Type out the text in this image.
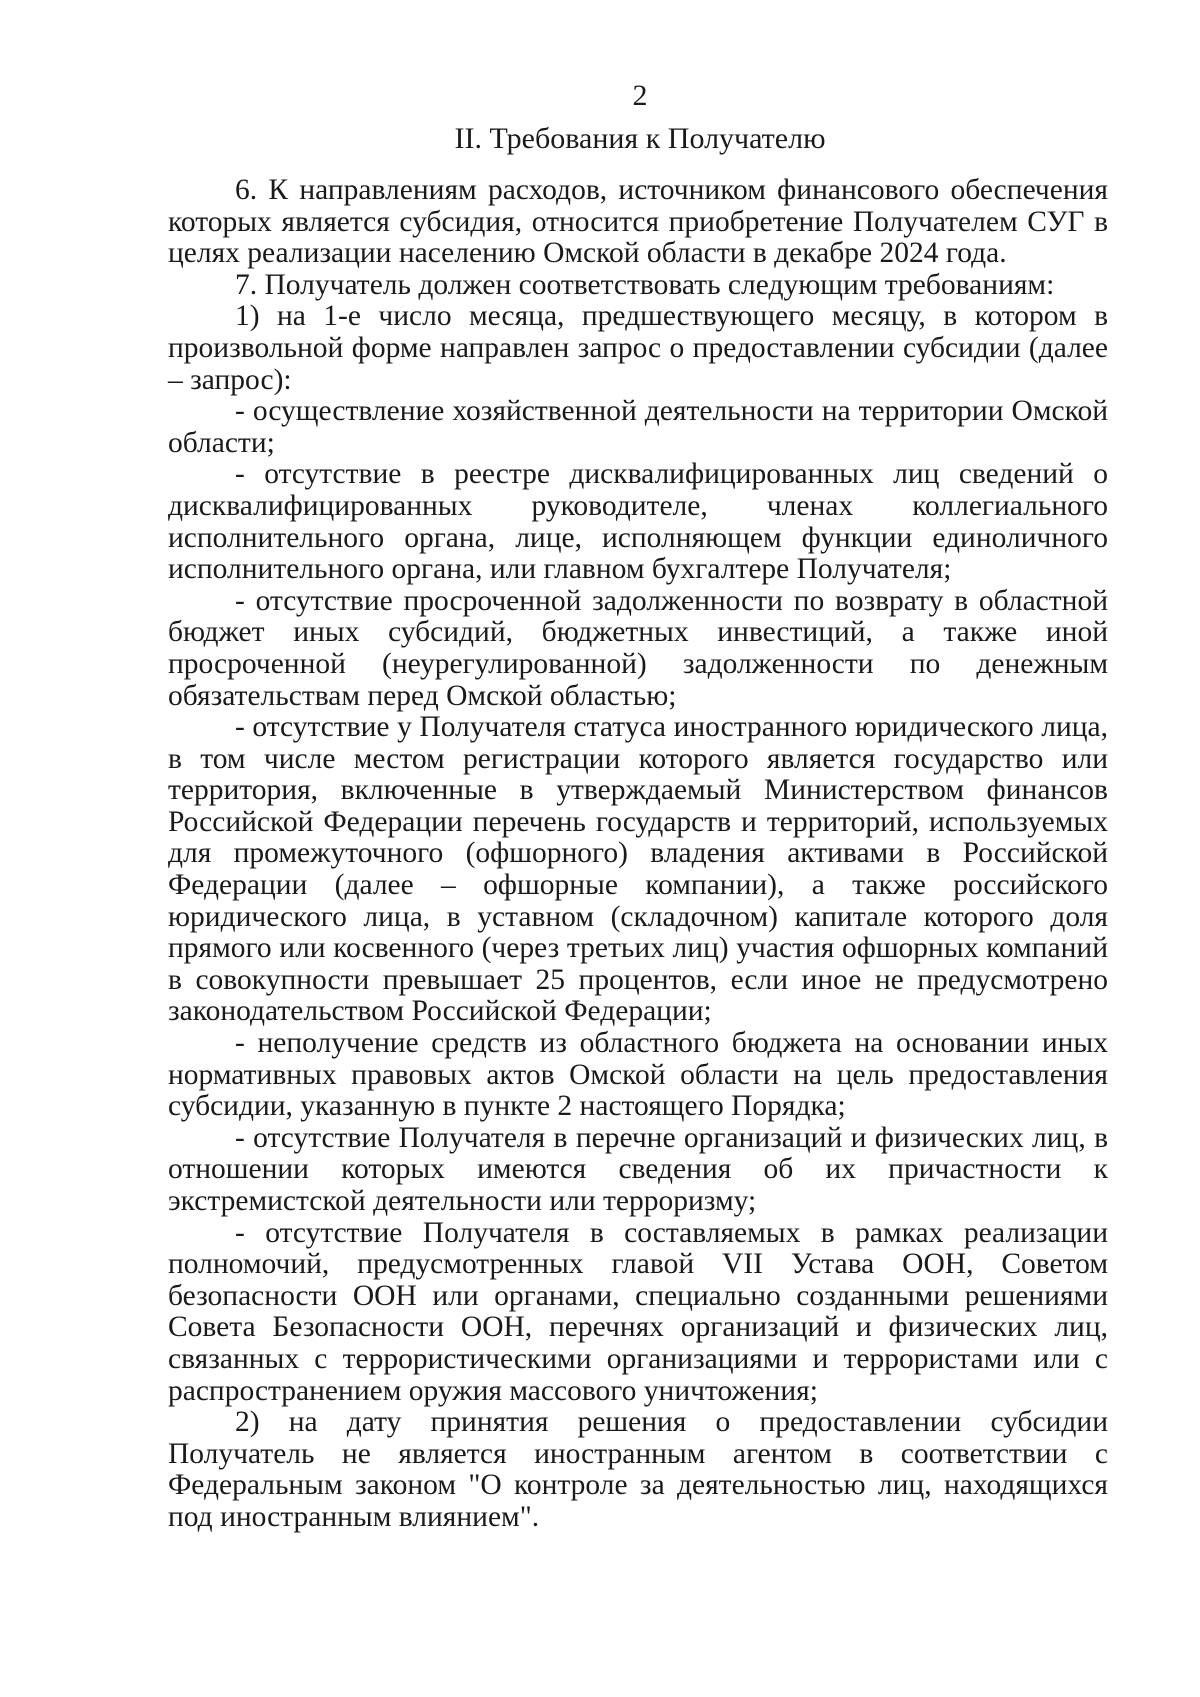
2
II. Требования к Получателю

6. К направлениям расходов, источником финансового обеспечения которых является субсидия, относится приобретение Получателем СУГ в целях реализации населению Омской области в декабре 2024 года.

7. Получатель должен соответствовать следующим требованиям:

1) на 1-е число месяца, предшествующего месяцу, в котором в произвольной форме направлен запрос о предоставлении субсидии (далее – запрос):

- осуществление хозяйственной деятельности на территории Омской области;

- отсутствие в реестре дисквалифицированных лиц сведений о дисквалифицированных руководителе, членах коллегиального исполнительного органа, лице, исполняющем функции единоличного исполнительного органа, или главном бухгалтере Получателя;

- отсутствие просроченной задолженности по возврату в областной бюджет иных субсидий, бюджетных инвестиций, а также иной просроченной (неурегулированной) задолженности по денежным обязательствам перед Омской областью;

- отсутствие у Получателя статуса иностранного юридического лица, в том числе местом регистрации которого является государство или территория, включенные в утверждаемый Министерством финансов Российской Федерации перечень государств и территорий, используемых для промежуточного (офшорного) владения активами в Российской Федерации (далее – офшорные компании), а также российского юридического лица, в уставном (складочном) капитале которого доля прямого или косвенного (через третьих лиц) участия офшорных компаний в совокупности превышает 25 процентов, если иное не предусмотрено законодательством Российской Федерации;

- неполучение средств из областного бюджета на основании иных нормативных правовых актов Омской области на цель предоставления субсидии, указанную в пункте 2 настоящего Порядка;

- отсутствие Получателя в перечне организаций и физических лиц, в отношении которых имеются сведения об их причастности к экстремистской деятельности или терроризму;

- отсутствие Получателя в составляемых в рамках реализации полномочий, предусмотренных главой VII Устава ООН, Советом безопасности ООН или органами, специально созданными решениями Совета Безопасности ООН, перечнях организаций и физических лиц, связанных с террористическими организациями и террористами или с распространением оружия массового уничтожения;

2) на дату принятия решения о предоставлении субсидии Получатель не является иностранным агентом в соответствии с Федеральным законом "О контроле за деятельностью лиц, находящихся под иностранным влиянием".
